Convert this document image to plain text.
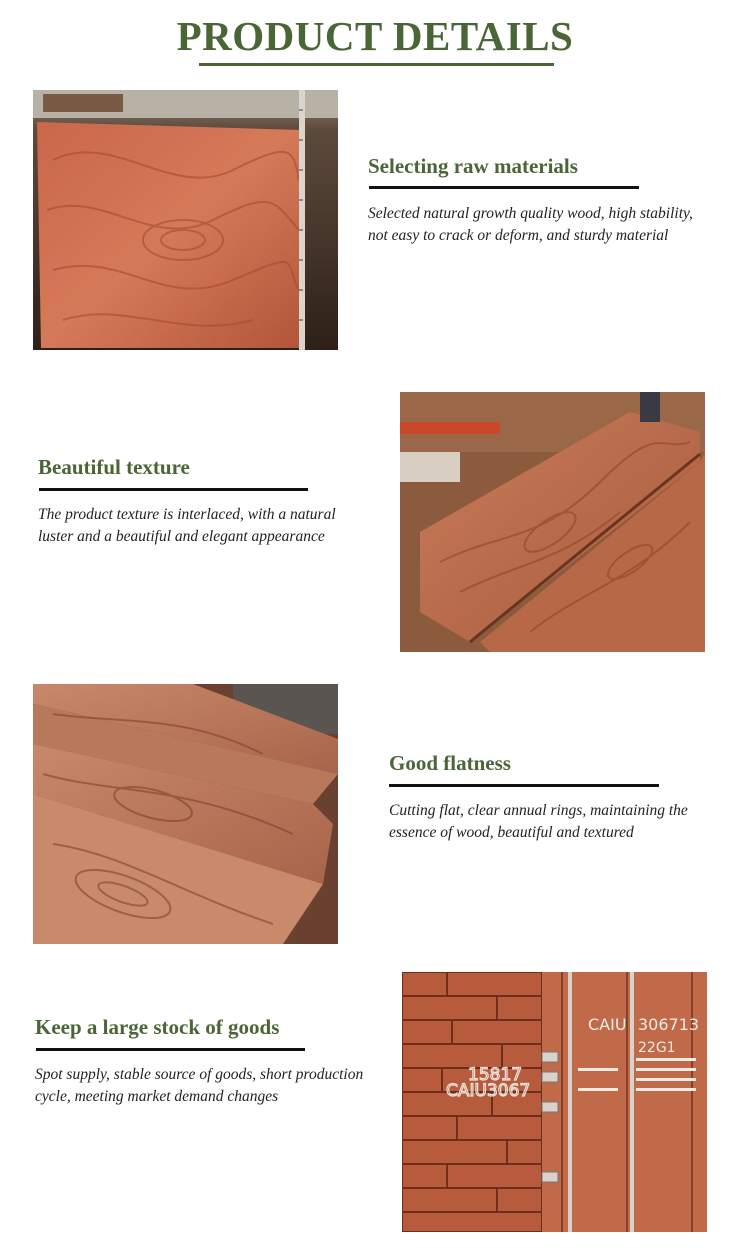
PRODUCT DETAILS
Selecting raw materials

Selected natural growth quality wood, high stability, not easy to crack or deform, and sturdy material

Beautiful texture

The product texture is interlaced, with a natural luster and a beautiful and elegant appearance

Good flatness

Cutting flat, clear annual rings, maintaining the essence of wood, beautiful and textured

Keep a large stock of goods

Spot supply, stable source of goods, short production cycle, meeting market demand changes

CAIU 306713
22G1
15817
CAIU3067
